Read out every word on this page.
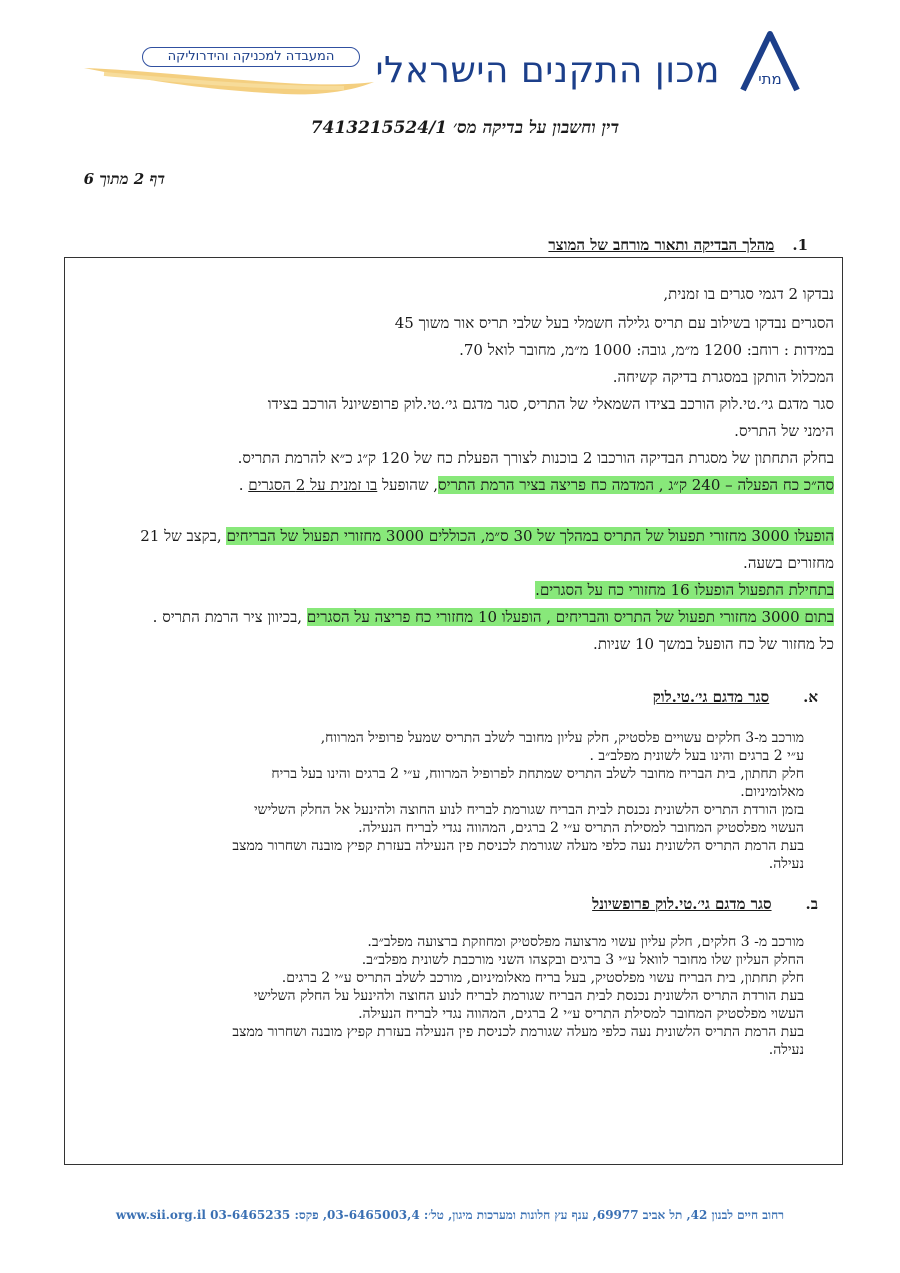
מתי
מכון התקנים הישראלי
המעבדה למכניקה והידרוליקה
דין וחשבון על בדיקה מס׳ 7413215524/1
דף 2 מתוך 6
1.מהלך הבדיקה ותאור מורחב של המוצר
נבדקו 2 דגמי סגרים בו זמנית,
הסגרים נבדקו בשילוב עם תריס גלילה חשמלי בעל שלבי תריס אור משוך 45
במידות : רוחב: 1200 מ״מ, גובה: 1000 מ״מ, מחובר לואל 70.
המכלול הותקן במסגרת בדיקה קשיחה.
סגר מדגם גי׳.טי.לוק הורכב בצידו השמאלי של התריס, סגר מדגם גי׳.טי.לוק פרופשיונל הורכב בצידו
הימני של התריס.
בחלק התחתון של מסגרת הבדיקה הורכבו 2 בוכנות לצורך הפעלת כח של 120 ק״ג כ״א להרמת התריס.
סה״כ כח הפעלה – 240 ק״ג , המדמה כח פריצה בציר הרמת התריס, שהופעל בו זמנית על 2 הסגרים .
הופעלו 3000 מחזורי תפעול של התריס במהלך של 30 ס״מ, הכוללים 3000 מחזורי תפעול של הבריחים ,בקצב של 21
מחזורים בשעה.
בתחילת התפעול הופעלו 16 מחזורי כח על הסגרים.
בתום 3000 מחזורי תפעול של התריס והבריחים , הופעלו 10 מחזורי כח פריצה על הסגרים ,בכיוון ציר הרמת התריס .
כל מחזור של כח הופעל במשך 10 שניות.
א.סגר מדגם גי׳.טי.לוק
מורכב מ-3 חלקים עשויים פלסטיק, חלק עליון מחובר לשלב התריס שמעל פרופיל המרווח,
ע״י 2 ברגים והינו בעל לשונית מפלב״ב .
חלק תחתון, בית הבריח מחובר לשלב התריס שמתחת לפרופיל המרווח, ע״י 2 ברגים והינו בעל בריח
מאלומיניום.
בזמן הורדת התריס הלשונית נכנסת לבית הבריח שגורמת לבריח לנוע החוצה ולהינעל אל החלק השלישי
העשוי מפלסטיק המחובר למסילת התריס ע״י 2 ברגים, המהווה נגדי לבריח הנעילה.
בעת הרמת התריס הלשונית נעה כלפי מעלה שגורמת לכניסת פין הנעילה בעזרת קפיץ מובנה ושחרור ממצב
נעילה.
ב.סגר מדגם גי׳.טי.לוק פרופשיונל
מורכב מ- 3 חלקים, חלק עליון עשוי מרצועה מפלסטיק ומחוזקת ברצועה מפלב״ב.
החלק העליון שלו מחובר לוואל ע״י 3 ברגים ובקצהו השני מורכבת לשונית מפלב״ב.
חלק תחתון, בית הבריח עשוי מפלסטיק, בעל בריח מאלומיניום, מורכב לשלב התריס ע״י 2 ברגים.
בעת הורדת התריס הלשונית נכנסת לבית הבריח שגורמת לבריח לנוע החוצה ולהינעל על החלק השלישי
העשוי מפלסטיק המחובר למסילת התריס ע״י 2 ברגים, המהווה נגדי לבריח הנעילה.
בעת הרמת התריס הלשונית נעה כלפי מעלה שגורמת לכניסת פין הנעילה בעזרת קפיץ מובנה ושחרור ממצב
נעילה.
רחוב חיים לבנון 42, תל אביב 69977, ענף עץ חלונות ומערכות מיגון, טל׳: 03-6465003,4, פקס: 03-6465235 www.sii.org.il
